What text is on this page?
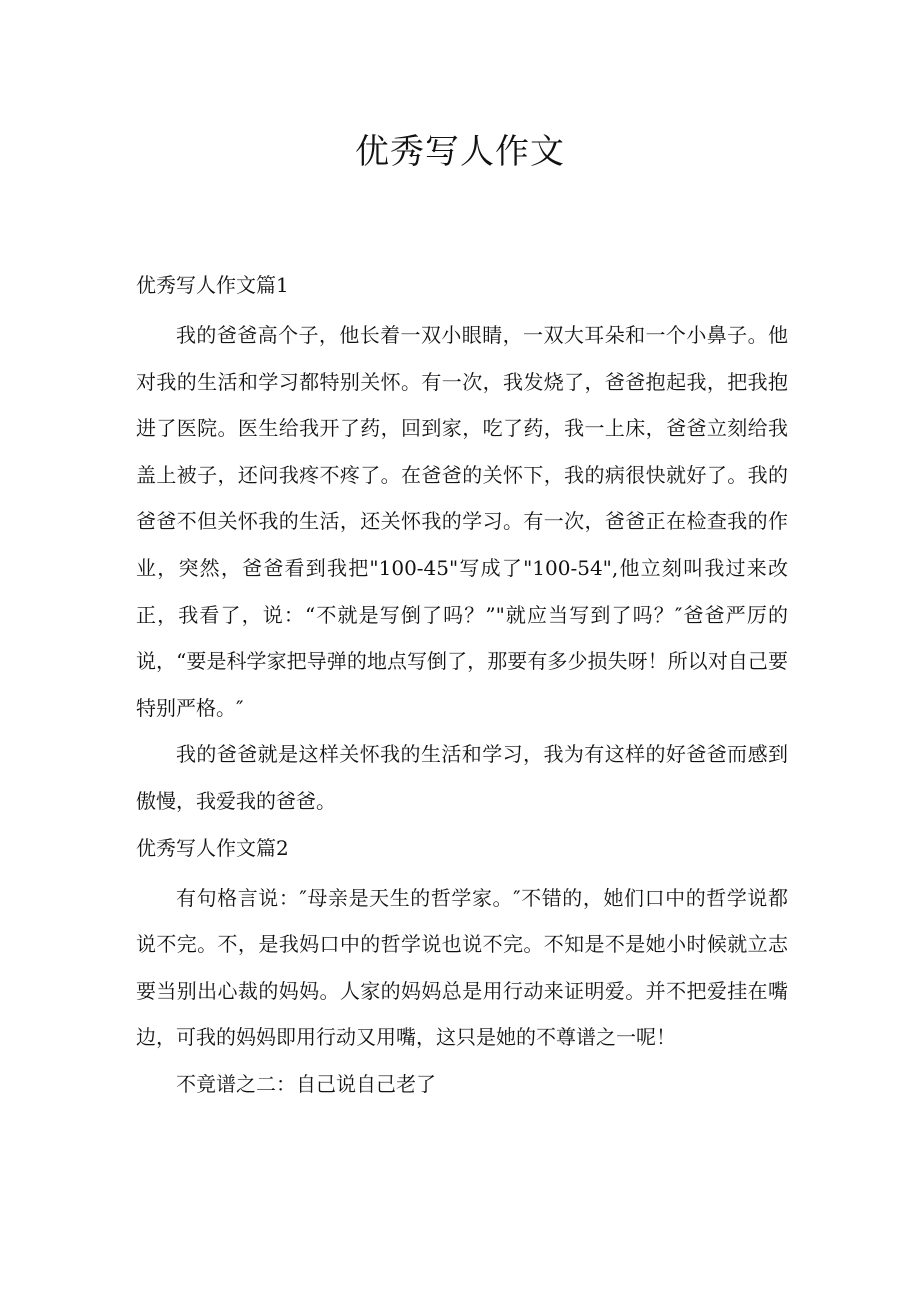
优秀写人作文
优秀写人作文篇1

我的爸爸高个子，他长着一双小眼睛，一双大耳朵和一个小鼻子。他对我的生活和学习都特别关怀。有一次，我发烧了，爸爸抱起我，把我抱进了医院。医生给我开了药，回到家，吃了药，我一上床，爸爸立刻给我盖上被子，还问我疼不疼了。在爸爸的关怀下，我的病很快就好了。我的爸爸不但关怀我的生活，还关怀我的学习。有一次，爸爸正在检查我的作业，突然，爸爸看到我把"100-45"写成了"100-54",他立刻叫我过来改正，我看了，说：“不就是写倒了吗？”"就应当写到了吗？″爸爸严厉的说，“要是科学家把导弹的地点写倒了，那要有多少损失呀！所以对自己要特别严格。″

我的爸爸就是这样关怀我的生活和学习，我为有这样的好爸爸而感到傲慢，我爱我的爸爸。

优秀写人作文篇2

有句格言说：″母亲是天生的哲学家。″不错的，她们口中的哲学说都说不完。不，是我妈口中的哲学说也说不完。不知是不是她小时候就立志要当别出心裁的妈妈。人家的妈妈总是用行动来证明爱。并不把爱挂在嘴边，可我的妈妈即用行动又用嘴，这只是她的不尊谱之一呢！

不竟谱之二：自己说自己老了
